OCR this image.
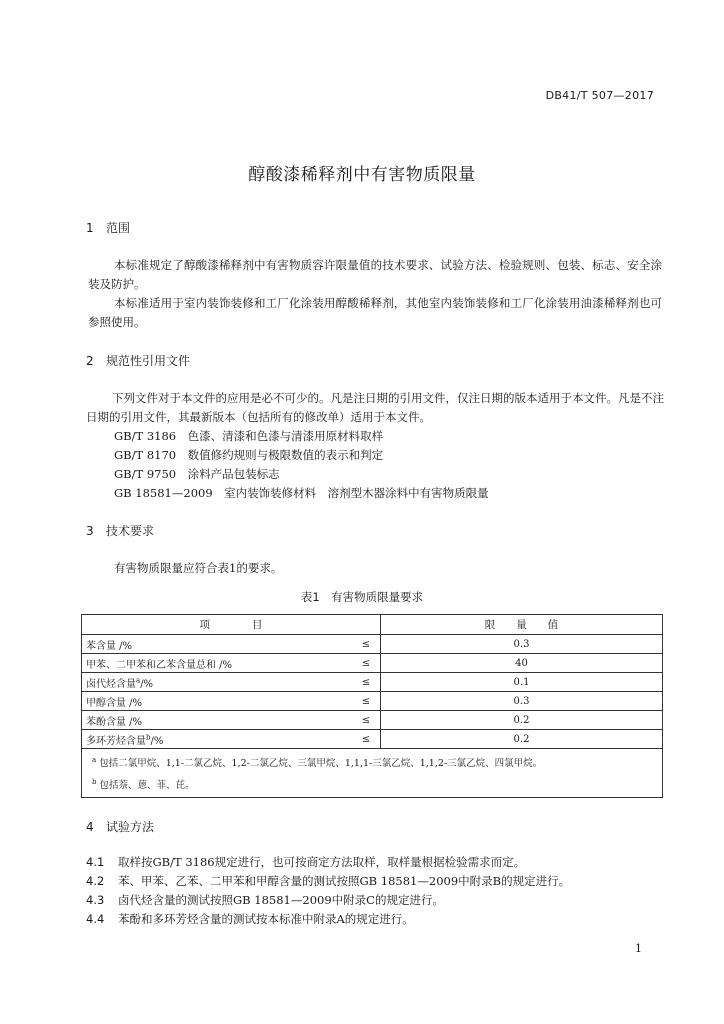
DB41/T 507—2017
醇酸漆稀释剂中有害物质限量
1 范围
本标准规定了醇酸漆稀释剂中有害物质容许限量值的技术要求、试验方法、检验规则、包装、标志、安全涂装及防护。
本标准适用于室内装饰装修和工厂化涂装用醇酸稀释剂，其他室内装饰装修和工厂化涂装用油漆稀释剂也可参照使用。
2 规范性引用文件
下列文件对于本文件的应用是必不可少的。凡是注日期的引用文件，仅注日期的版本适用于本文件。凡是不注日期的引用文件，其最新版本（包括所有的修改单）适用于本文件。
GB/T 3186　色漆、清漆和色漆与清漆用原材料取样
GB/T 8170　数值修约规则与极限数值的表示和判定
GB/T 9750　涂料产品包装标志
GB 18581—2009　室内装饰装修材料　溶剂型木器涂料中有害物质限量
3 技术要求
有害物质限量应符合表1的要求。
表1　有害物质限量要求
项　　　　目		限　　量　　值
苯含量 /%	≤	0.3
甲苯、二甲苯和乙苯含量总和 /%	≤	40
卤代烃含量$^a$/%	≤	0.1
甲醇含量 /%	≤	0.3
苯酚含量 /%	≤	0.2
多环芳烃含量$^b$/%	≤	0.2

$^a$ 包括二氯甲烷、1,1-二氯乙烷、1,2-二氯乙烷、三氯甲烷、1,1,1-三氯乙烷、1,1,2-三氯乙烷、四氯甲烷。
$^b$ 包括萘、蒽、菲、芘。		
4 试验方法
4.1 取样按GB/T 3186规定进行，也可按商定方法取样，取样量根据检验需求而定。
4.2 苯、甲苯、乙苯、二甲苯和甲醇含量的测试按照GB 18581—2009中附录B的规定进行。
4.3 卤代烃含量的测试按照GB 18581—2009中附录C的规定进行。
4.4 苯酚和多环芳烃含量的测试按本标准中附录A的规定进行。
1
